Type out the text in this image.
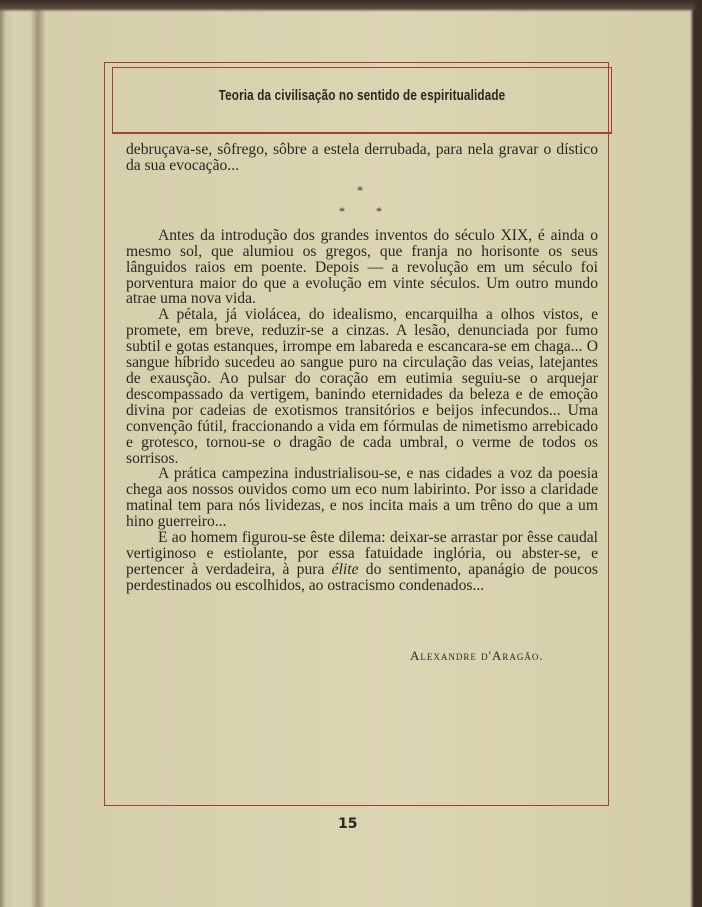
Teoria da civilisação no sentido de espiritualidade

debruçava-se, sôfrego, sôbre a estela derrubada, para nela gravar o dístico da sua evocação...

*
*	*

Antes da introdução dos grandes inventos do século XIX, é ainda o mesmo sol, que alumiou os gregos, que franja no horisonte os seus lânguidos raios em poente. Depois — a revolução em um século foi porventura maior do que a evolução em vinte séculos. Um outro mundo atrae uma nova vida.

A pétala, já violácea, do idealismo, encarquilha a olhos vistos, e promete, em breve, reduzir-se a cinzas. A lesão, denunciada por fumo subtil e gotas estanques, irrompe em labareda e escancara-se em chaga... O sangue híbrido sucedeu ao sangue puro na circulação das veias, latejantes de exausção. Ao pulsar do coração em eutimia seguiu-se o arquejar descompassado da vertigem, banindo eternidades da beleza e de emoção divina por cadeias de exotismos transitórios e beijos infecundos... Uma convenção fútil, fraccionando a vida em fórmulas de nimetismo arrebicado e grotesco, tornou-se o dragão de cada umbral, o verme de todos os sorrisos.

A prática campezina industrialisou-se, e nas cidades a voz da poesia chega aos nossos ouvidos como um eco num labirinto. Por isso a claridade matinal tem para nós lividezas, e nos incita mais a um trêno do que a um hino guerreiro...

E ao homem figurou-se êste dilema: deixar-se arrastar por êsse caudal vertiginoso e estiolante, por essa fatuidade inglória, ou abster-se, e pertencer à verdadeira, à pura élite do sentimento, apanágio de poucos perdestinados ou escolhidos, ao ostracismo condenados...

Alexandre d'Aragão.
15
